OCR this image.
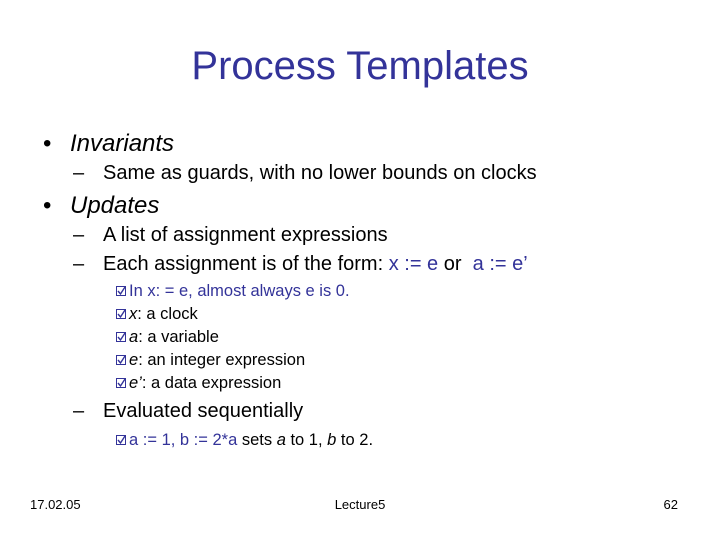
Process Templates
• Invariants
– Same as guards, with no lower bounds on clocks
• Updates
– A list of assignment expressions
– Each assignment is of the form: x := e or a := e’
In x: = e, almost always e is 0.
x: a clock
a: a variable
e: an integer expression
e’: a data expression
– Evaluated sequentially
a := 1, b := 2*a sets a to 1, b to 2.
17.02.05	Lecture5	62
